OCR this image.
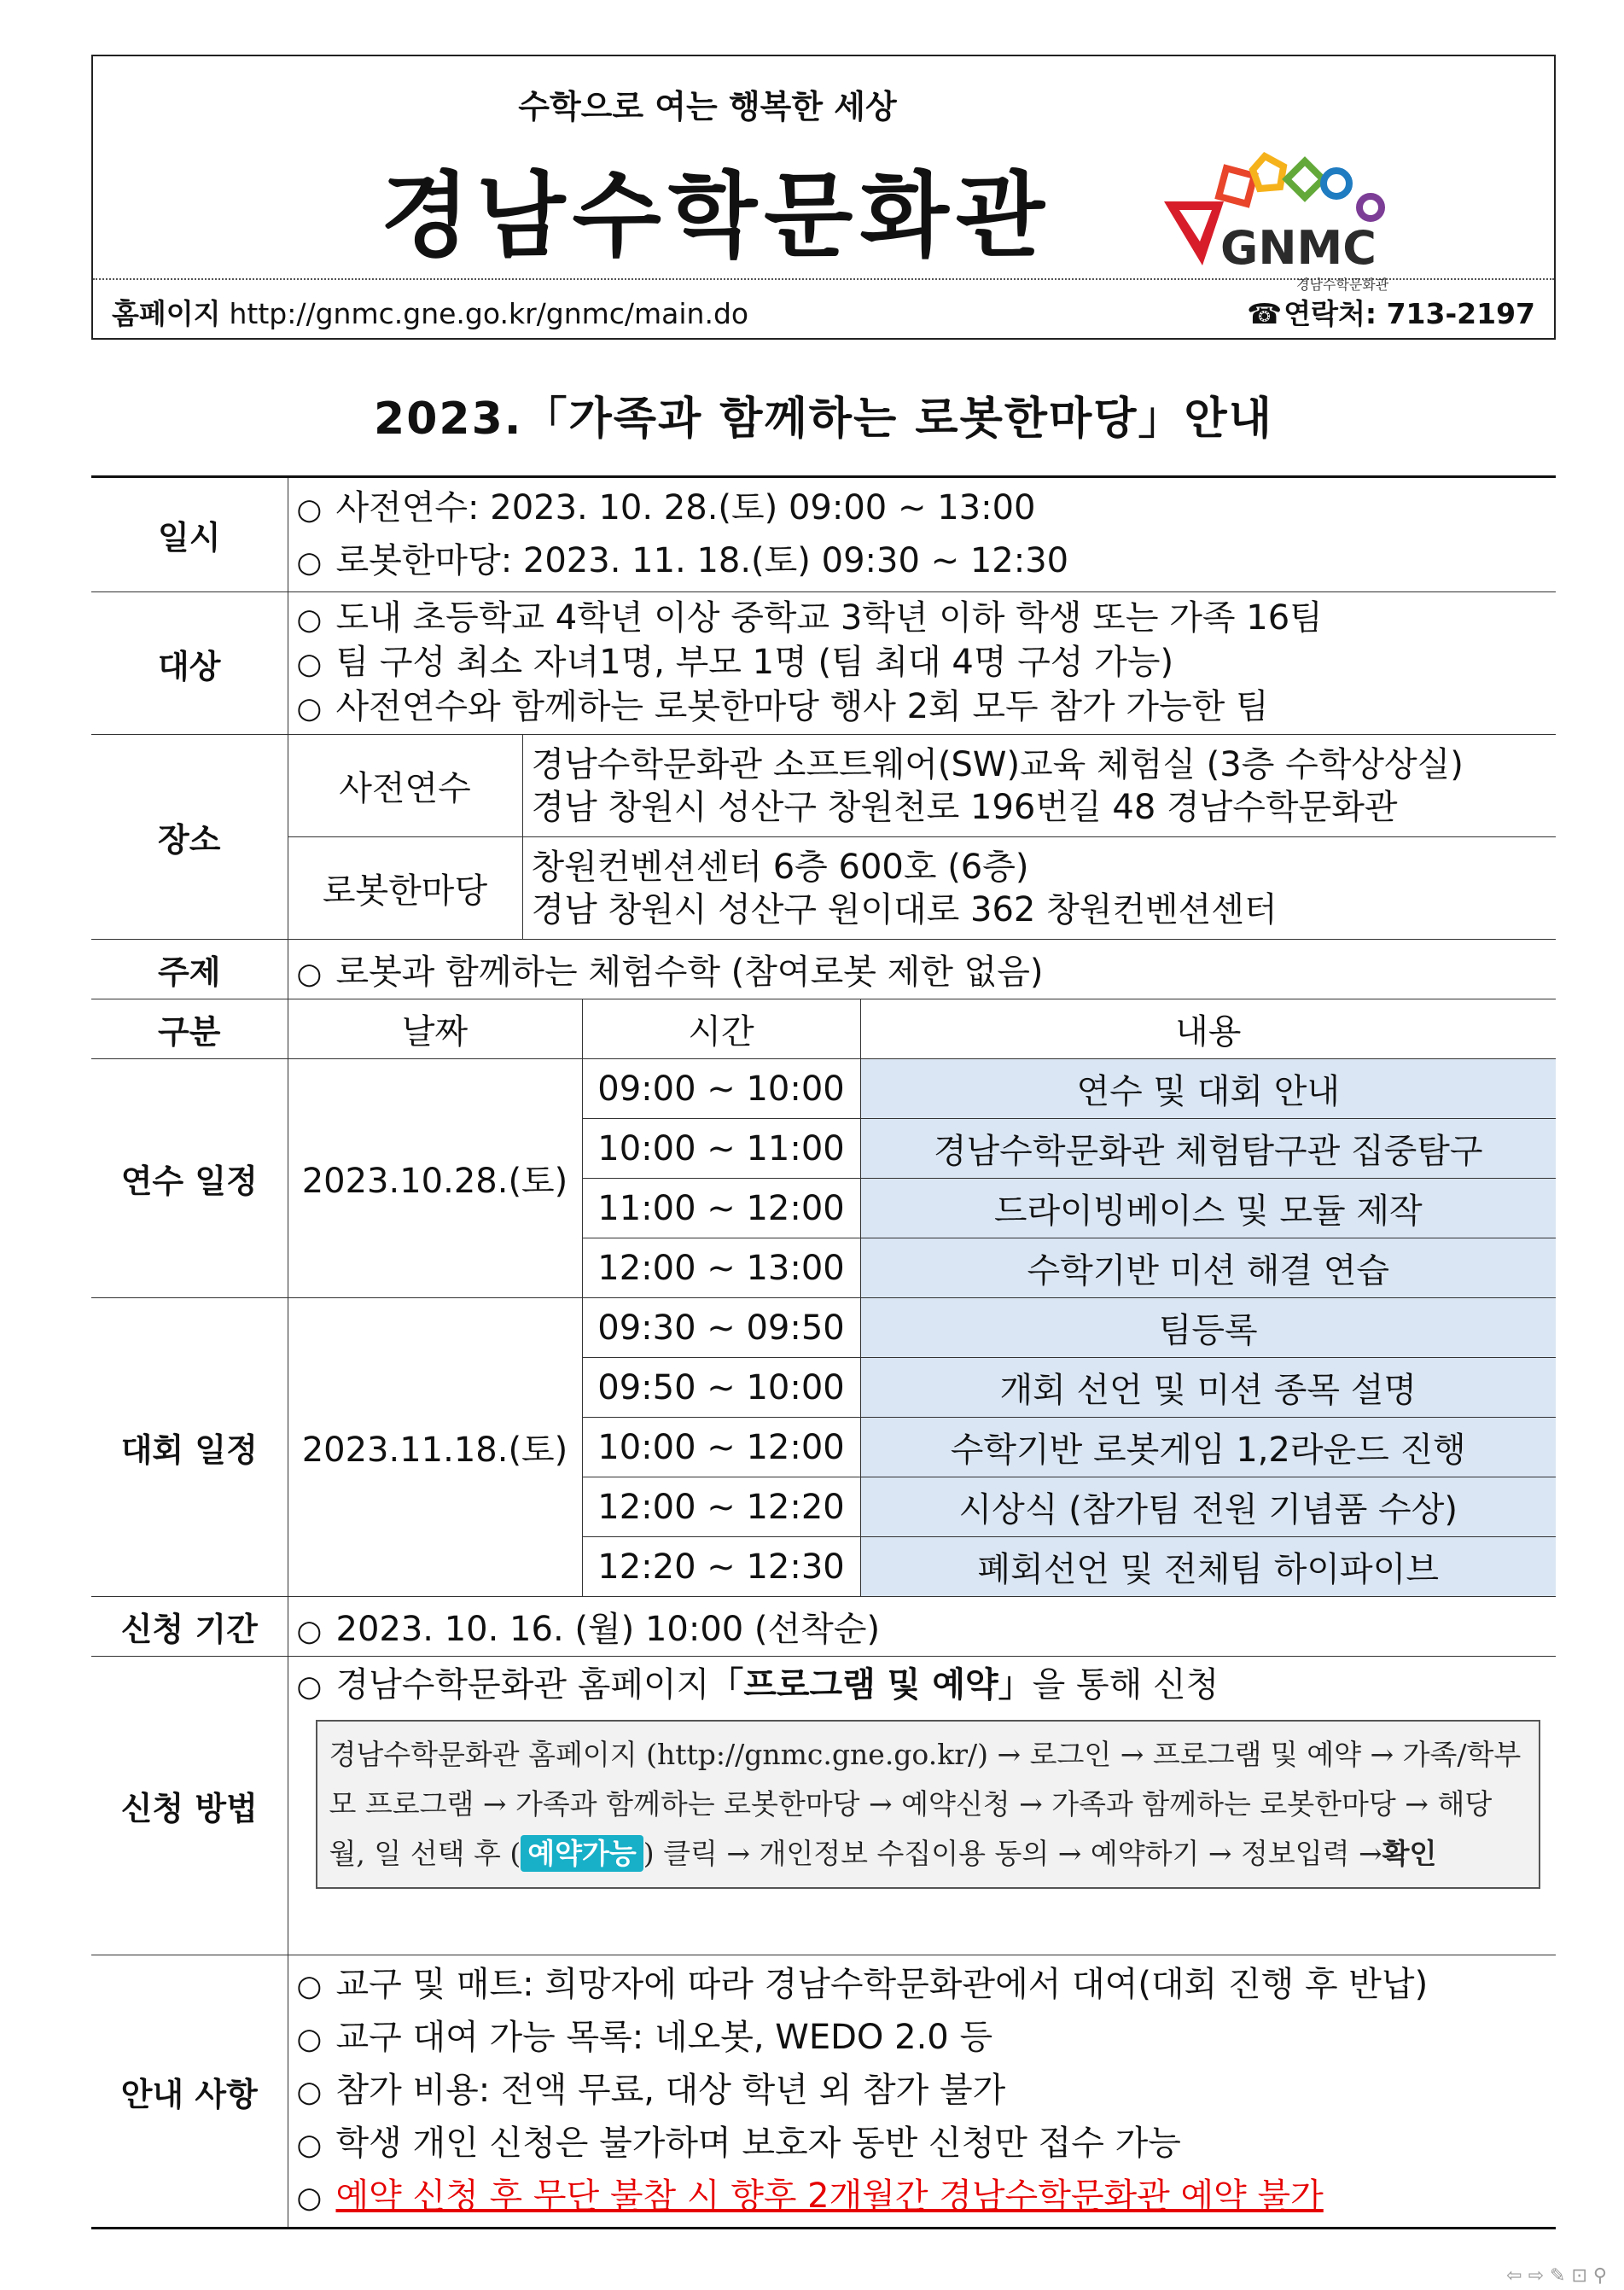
수학으로 여는 행복한 세상
경남수학문화관
홈페이지 http://gnmc.gne.go.kr/gnmc/main.do	☎연락처: 713-2197
GNMC
경남수학문화관
2023.「가족과 함께하는 로봇한마당」안내
일시	○ 사전연수: 2023. 10. 28.(토) 09:00 ~ 13:00
○ 로봇한마당: 2023. 11. 18.(토) 09:30 ~ 12:30			

대상	○ 도내 초등학교 4학년 이상 중학교 3학년 이하 학생 또는 가족 16팀
○ 팀 구성 최소 자녀1명, 부모 1명 (팀 최대 4명 구성 가능)
○ 사전연수와 함께하는 로봇한마당 행사 2회 모두 참가 가능한 팀			

장소	사전연수	경남수학문화관 소프트웨어(SW)교육 체험실 (3층 수학상상실)
경남 창원시 성산구 창원천로 196번길 48 경남수학문화관		

	로봇한마당	창원컨벤션센터 6층 600호 (6층)
경남 창원시 성산구 원이대로 362 창원컨벤션센터		

주제	○ 로봇과 함께하는 체험수학 (참여로봇 제한 없음)			
구분	날짜		시간	내용
연수 일정	2023.10.28.(토)		09:00 ~ 10:00	연수 및 대회 안내
			10:00 ~ 11:00	경남수학문화관 체험탐구관 집중탐구
			11:00 ~ 12:00	드라이빙베이스 및 모듈 제작
			12:00 ~ 13:00	수학기반 미션 해결 연습
대회 일정	2023.11.18.(토)		09:30 ~ 09:50	팀등록
			09:50 ~ 10:00	개회 선언 및 미션 종목 설명
			10:00 ~ 12:00	수학기반 로봇게임 1,2라운드 진행
			12:00 ~ 12:20	시상식 (참가팀 전원 기념품 수상)
			12:20 ~ 12:30	폐회선언 및 전체팀 하이파이브
신청 기간	○ 2023. 10. 16. (월) 10:00 (선착순)			
신청 방법	○ 경남수학문화관 홈페이지「프로그램 및 예약」을 통해 신청
경남수학문화관 홈페이지 (http://gnmc.gne.go.kr/) → 로그인 → 프로그램 및 예약 → 가족/학부모 프로그램 → 가족과 함께하는 로봇한마당 → 예약신청 → 가족과 함께하는 로봇한마당 → 해당 월, 일 선택 후 ( 예약가능 ) 클릭 → 개인정보 수집이용 동의 → 예약하기 → 정보입력 →확인			

안내 사항	○ 교구 및 매트: 희망자에 따라 경남수학문화관에서 대여(대회 진행 후 반납)
○ 교구 대여 가능 목록: 네오봇, WEDO 2.0 등
○ 참가 비용: 전액 무료, 대상 학년 외 참가 불가
○ 학생 개인 신청은 불가하며 보호자 동반 신청만 접수 가능
○ 예약 신청 후 무단 불참 시 향후 2개월간 경남수학문화관 예약 불가			
⇦ ⇨ ✎ ⊡ ⚲
